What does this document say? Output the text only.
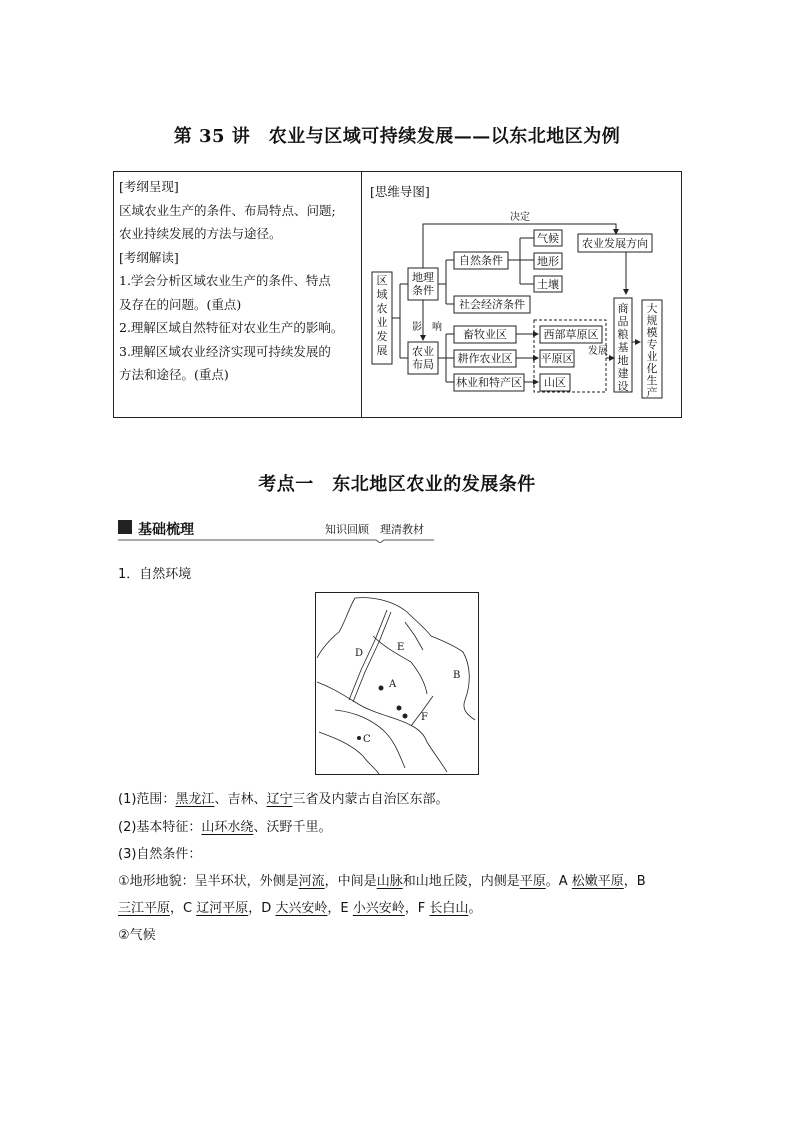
第 35 讲　农业与区域可持续发展——以东北地区为例
[考纲呈现]
区域农业生产的条件、布局特点、问题;
农业持续发展的方法与途径。
[考纲解读]
1.学会分析区域农业生产的条件、特点
及存在的问题。(重点)
2.理解区域自然特征对农业生产的影响。
3.理解区域农业经济实现可持续发展的
方法和途径。(重点)
[思维导图]
区域农业发展
地理条件
农业布局
自然条件
社会经济条件
气候
地形
土壤
影　响
决定
畜牧业区
耕作农业区
林业和特产区
西部草原区
平原区
山区
发展
农业发展方向
商品粮基地建设
大规模专业化生产
考点一　东北地区农业的发展条件
基础梳理	知识回顾　理清教材
1．自然环境
A
B
C
D
E
F
(1)范围：黑龙江、吉林、辽宁三省及内蒙古自治区东部。
(2)基本特征：山环水绕、沃野千里。
(3)自然条件：
①地形地貌：呈半环状，外侧是河流，中间是山脉和山地丘陵，内侧是平原。A 松嫩平原，B
三江平原，C 辽河平原，D 大兴安岭，E 小兴安岭，F 长白山。
②气候
